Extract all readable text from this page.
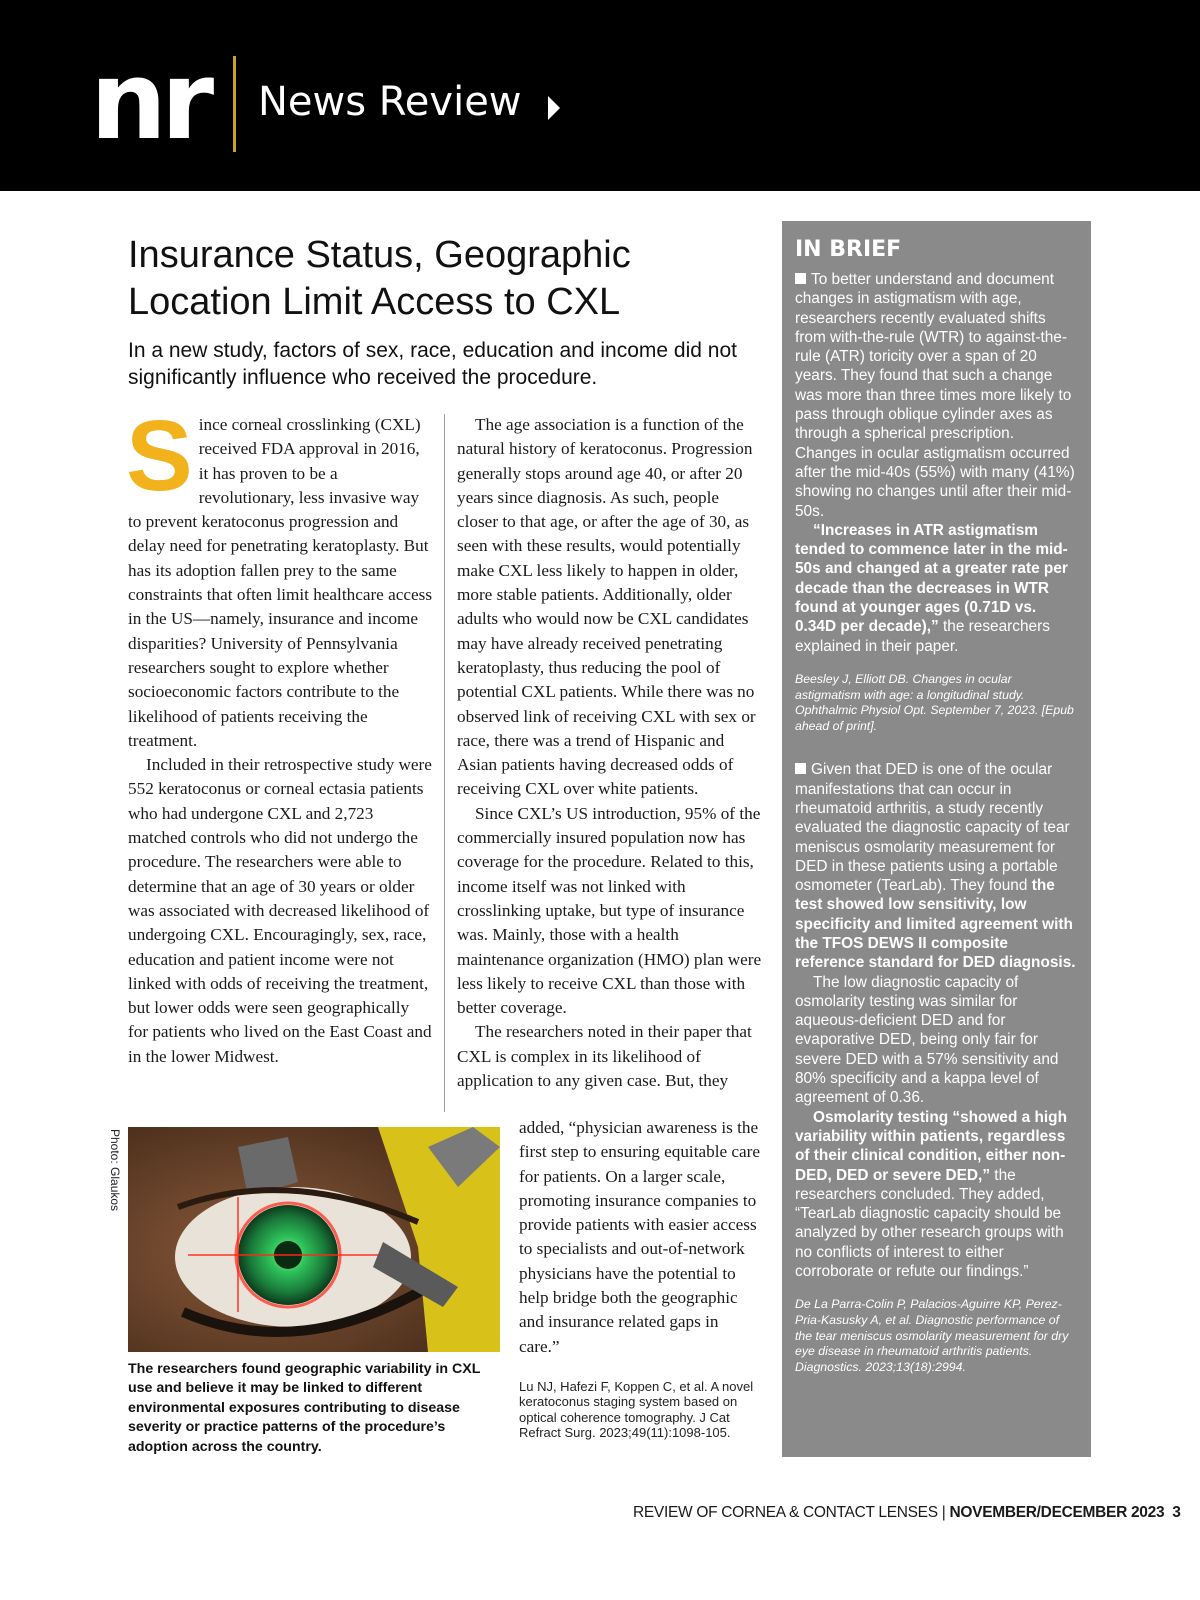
nr News Review
Insurance Status, Geographic Location Limit Access to CXL
In a new study, factors of sex, race, education and income did not significantly influence who received the procedure.

Since corneal crosslinking (CXL) received FDA approval in 2016, it has proven to be a revolutionary, less invasive way to prevent keratoconus progression and delay need for penetrating keratoplasty. But has its adoption fallen prey to the same constraints that often limit healthcare access in the US—namely, insurance and income disparities? University of Pennsylvania researchers sought to explore whether socioeconomic factors contribute to the likelihood of patients receiving the treatment.

Included in their retrospective study were 552 keratoconus or corneal ectasia patients who had undergone CXL and 2,723 matched controls who did not undergo the procedure. The researchers were able to determine that an age of 30 years or older was associated with decreased likelihood of undergoing CXL. Encouragingly, sex, race, education and patient income were not linked with odds of receiving the treatment, but lower odds were seen geographically for patients who lived on the East Coast and in the lower Midwest.

The age association is a function of the natural history of keratoconus. Progression generally stops around age 40, or after 20 years since diagnosis. As such, people closer to that age, or after the age of 30, as seen with these results, would potentially make CXL less likely to happen in older, more stable patients. Additionally, older adults who would now be CXL candidates may have already received penetrating keratoplasty, thus reducing the pool of potential CXL patients. While there was no observed link of receiving CXL with sex or race, there was a trend of Hispanic and Asian patients having decreased odds of receiving CXL over white patients.

Since CXL’s US introduction, 95% of the commercially insured population now has coverage for the procedure. Related to this, income itself was not linked with crosslinking uptake, but type of insurance was. Mainly, those with a health maintenance organization (HMO) plan were less likely to receive CXL than those with better coverage.

The researchers noted in their paper that CXL is complex in its likelihood of application to any given case. But, they

added, “physician awareness is the first step to ensuring equitable care for patients. On a larger scale, promoting insurance companies to provide patients with easier access to specialists and out-of-network physicians have the potential to help bridge both the geographic and insurance related gaps in care.”

Photo: Glaukos
The researchers found geographic variability in CXL use and believe it may be linked to different environmental exposures contributing to disease severity or practice patterns of the procedure’s adoption across the country.
Lu NJ, Hafezi F, Koppen C, et al. A novel keratoconus staging system based on optical coherence tomography. J Cat Refract Surg. 2023;49(11):1098-105.
IN BRIEF

To better understand and document changes in astigmatism with age, researchers recently evaluated shifts from with-the-rule (WTR) to against-the-rule (ATR) toricity over a span of 20 years. They found that such a change was more than three times more likely to pass through oblique cylinder axes as through a spherical prescription. Changes in ocular astigmatism occurred after the mid-40s (55%) with many (41%) showing no changes until after their mid-50s.

“Increases in ATR astigmatism tended to commence later in the mid-50s and changed at a greater rate per decade than the decreases in WTR found at younger ages (0.71D vs. 0.34D per decade),” the researchers explained in their paper.

Beesley J, Elliott DB. Changes in ocular astigmatism with age: a longitudinal study. Ophthalmic Physiol Opt. September 7, 2023. [Epub ahead of print].

Given that DED is one of the ocular manifestations that can occur in rheumatoid arthritis, a study recently evaluated the diagnostic capacity of tear meniscus osmolarity measurement for DED in these patients using a portable osmometer (TearLab). They found the test showed low sensitivity, low specificity and limited agreement with the TFOS DEWS II composite reference standard for DED diagnosis.

The low diagnostic capacity of osmolarity testing was similar for aqueous-deficient DED and for evaporative DED, being only fair for severe DED with a 57% sensitivity and 80% specificity and a kappa level of agreement of 0.36.

Osmolarity testing “showed a high variability within patients, regardless of their clinical condition, either non-DED, DED or severe DED,” the researchers concluded. They added, “TearLab diagnostic capacity should be analyzed by other research groups with no conflicts of interest to either corroborate or refute our findings.”

De La Parra-Colin P, Palacios-Aguirre KP, Perez-Pria-Kasusky A, et al. Diagnostic performance of the tear meniscus osmolarity measurement for dry eye disease in rheumatoid arthritis patients. Diagnostics. 2023;13(18):2994.
REVIEW OF CORNEA & CONTACT LENSES | NOVEMBER/DECEMBER 2023 3
